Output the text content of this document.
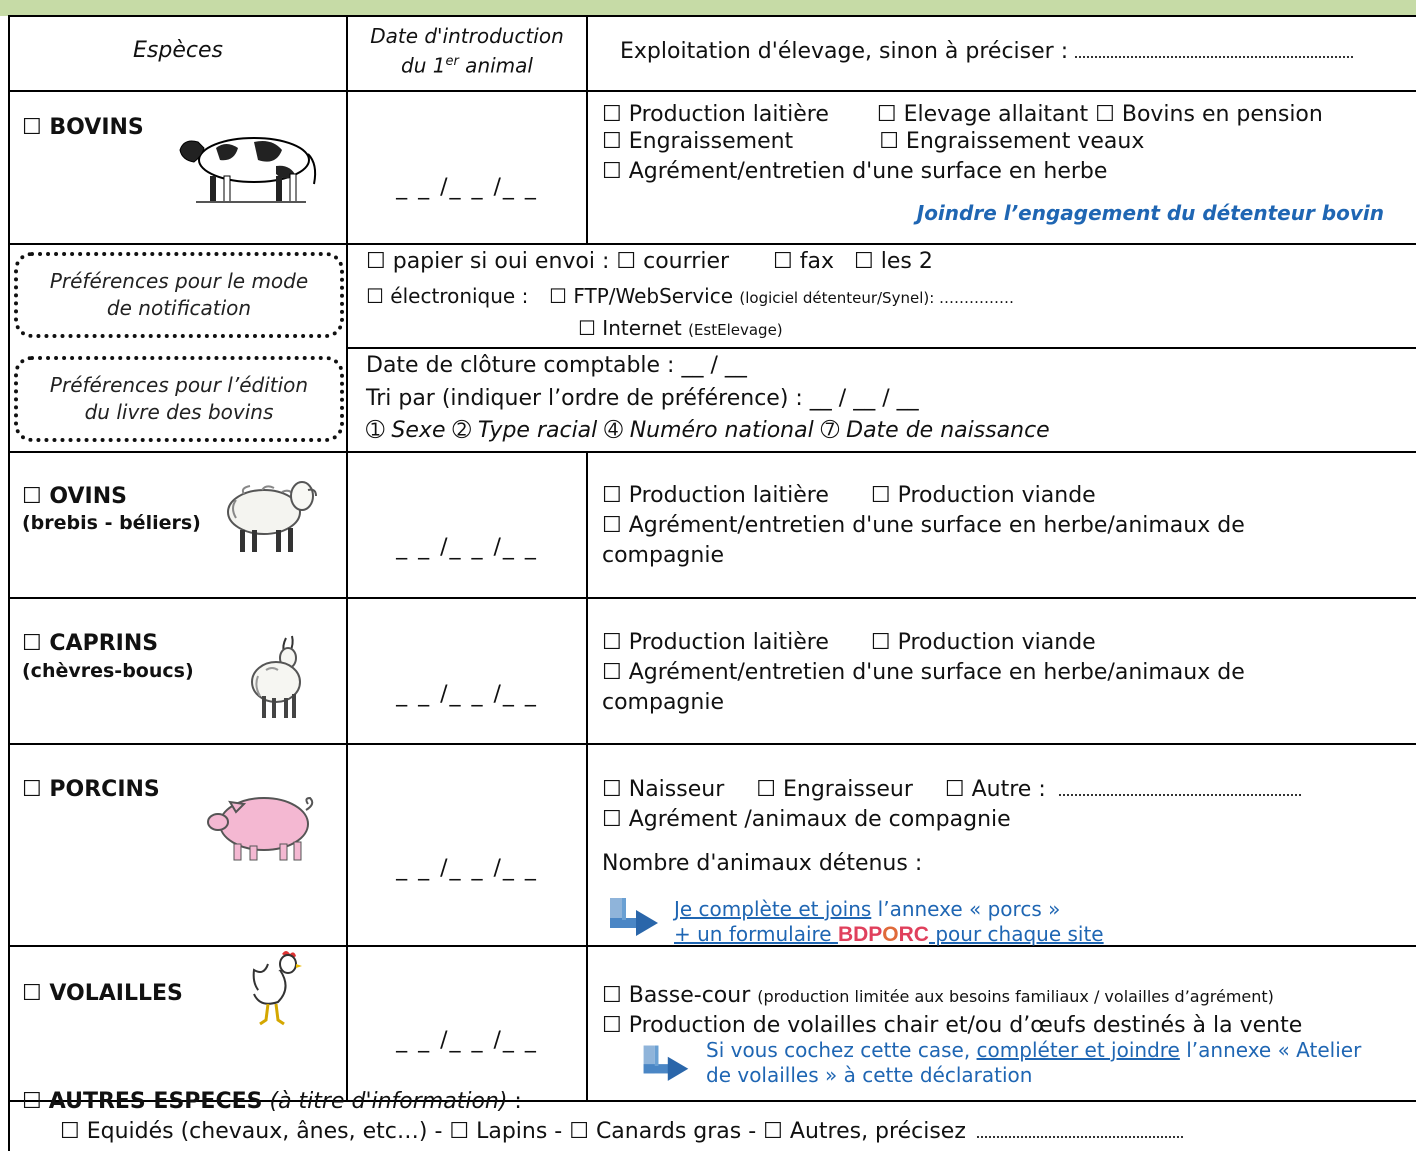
Espèces
Date d'introduction
du 1er animal
Exploitation d'élevage, sinon à préciser :
☐ BOVINS
_ _ /_ _ /_ _
☐ Production laitière ☐ Elevage allaitant ☐ Bovins en pension
☐ Engraissement	☐ Engraissement veaux
☐ Agrément/entretien d'une surface en herbe
Joindre l’engagement du détenteur bovin
Préférences pour le mode de notification
☐ papier si oui envoi : ☐ courrier ☐ fax ☐ les 2
☐ électronique : ☐ FTP/WebService (logiciel détenteur/Synel): ……………
☐ Internet (EstElevage)
Préférences pour l’édition du livre des bovins
Date de clôture comptable : __ / __
Tri par (indiquer l’ordre de préférence) : __ / __ / __
➀ Sexe ➁ Type racial ➃ Numéro national ➆ Date de naissance
☐ OVINS
(brebis - béliers)
_ _ /_ _ /_ _
☐ Production laitière ☐ Production viande
☐ Agrément/entretien d'une surface en herbe/animaux de
compagnie
☐ CAPRINS
(chèvres-boucs)
_ _ /_ _ /_ _
☐ Production laitière ☐ Production viande
☐ Agrément/entretien d'une surface en herbe/animaux de
compagnie
☐ PORCINS
_ _ /_ _ /_ _
☐ Naisseur ☐ Engraisseur ☐ Autre :
☐ Agrément /animaux de compagnie
Nombre d'animaux détenus :
Je complète et joins l’annexe « porcs »
+ un formulaire BDPORC pour chaque site
☐ VOLAILLES
_ _ /_ _ /_ _
☐ Basse-cour (production limitée aux besoins familiaux / volailles d’agrément)
☐ Production de volailles chair et/ou d’œufs destinés à la vente
Si vous cochez cette case, compléter et joindre l’annexe « Atelier
de volailles » à cette déclaration
☐ AUTRES ESPECES (à titre d'information) :
☐ Equidés (chevaux, ânes, etc…) - ☐ Lapins - ☐ Canards gras - ☐ Autres, précisez
